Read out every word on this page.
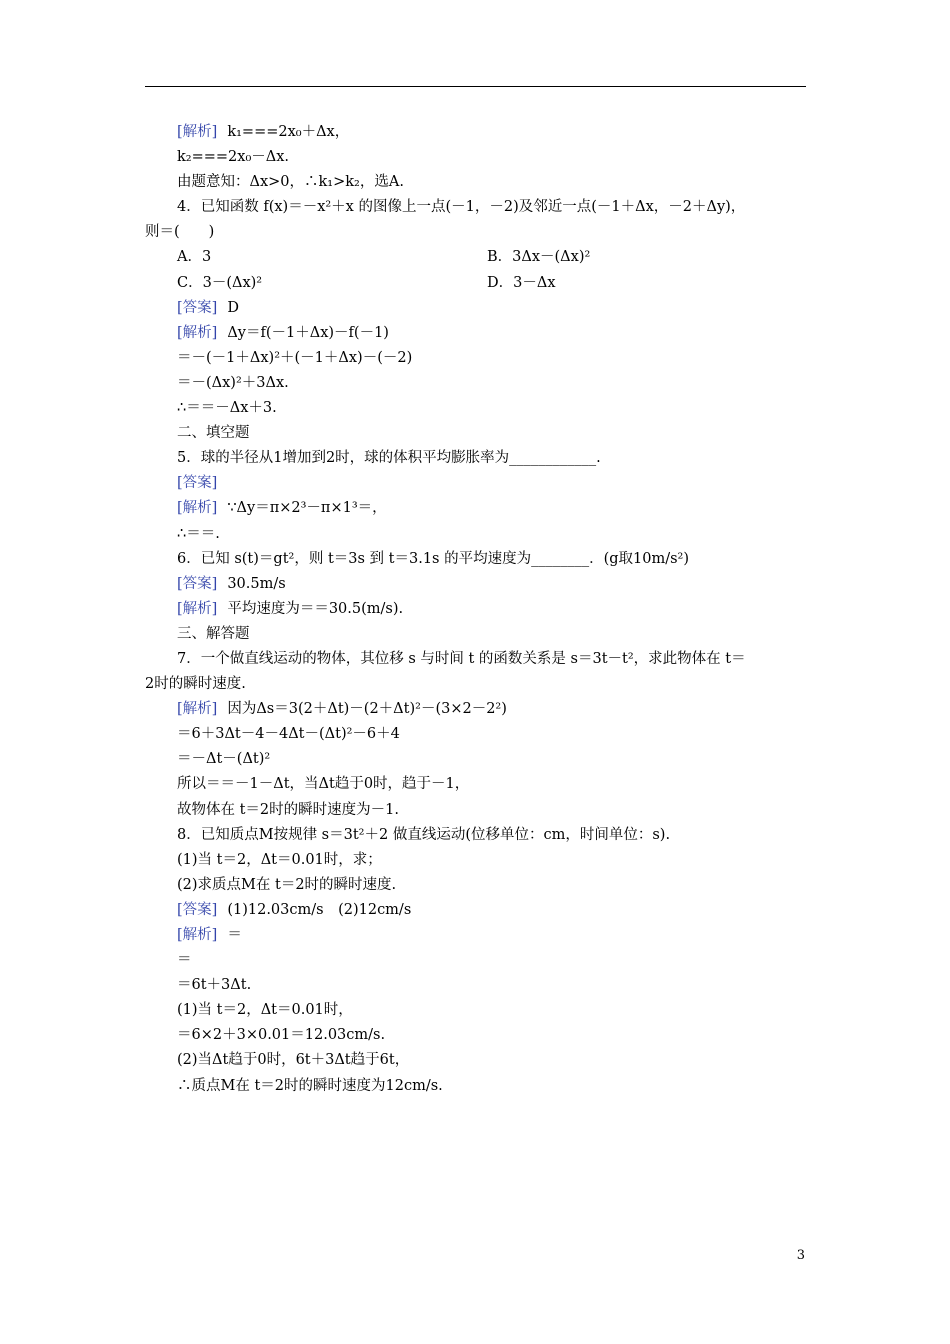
[解析] k₁===2x₀＋Δx，
k₂===2x₀－Δx.
由题意知：Δx>0，∴k₁>k₂，选A.
4．已知函数 f(x)＝－x²＋x 的图像上一点(－1，－2)及邻近一点(－1＋Δx，－2＋Δy)，
则＝(　　)
A．3	B．3Δx－(Δx)²
C．3－(Δx)²	D．3－Δx
[答案] D
[解析] Δy＝f(－1＋Δx)－f(－1)
＝－(－1＋Δx)²＋(－1＋Δx)－(－2)
＝－(Δx)²＋3Δx.
∴＝＝－Δx＋3.
二、填空题
5．球的半径从1增加到2时，球的体积平均膨胀率为____________.
[答案]
[解析] ∵Δy＝π×2³－π×1³＝，
∴＝＝.
6．已知 s(t)＝gt²，则 t＝3s 到 t＝3.1s 的平均速度为________．(g取10m/s²)
[答案] 30.5m/s
[解析] 平均速度为＝＝30.5(m/s).
三、解答题
7．一个做直线运动的物体，其位移 s 与时间 t 的函数关系是 s＝3t－t²，求此物体在 t＝
2时的瞬时速度.
[解析] 因为Δs＝3(2＋Δt)－(2＋Δt)²－(3×2－2²)
＝6＋3Δt－4－4Δt－(Δt)²－6＋4
＝－Δt－(Δt)²
所以＝＝－1－Δt，当Δt趋于0时，趋于－1，
故物体在 t＝2时的瞬时速度为－1.
8．已知质点M按规律 s＝3t²＋2 做直线运动(位移单位：cm，时间单位：s).
(1)当 t＝2，Δt＝0.01时，求；
(2)求质点M在 t＝2时的瞬时速度.
[答案] (1)12.03cm/s　(2)12cm/s
[解析] ＝
＝
＝6t＋3Δt.
(1)当 t＝2，Δt＝0.01时，
＝6×2＋3×0.01＝12.03cm/s.
(2)当Δt趋于0时，6t＋3Δt趋于6t，
∴质点M在 t＝2时的瞬时速度为12cm/s.
3
